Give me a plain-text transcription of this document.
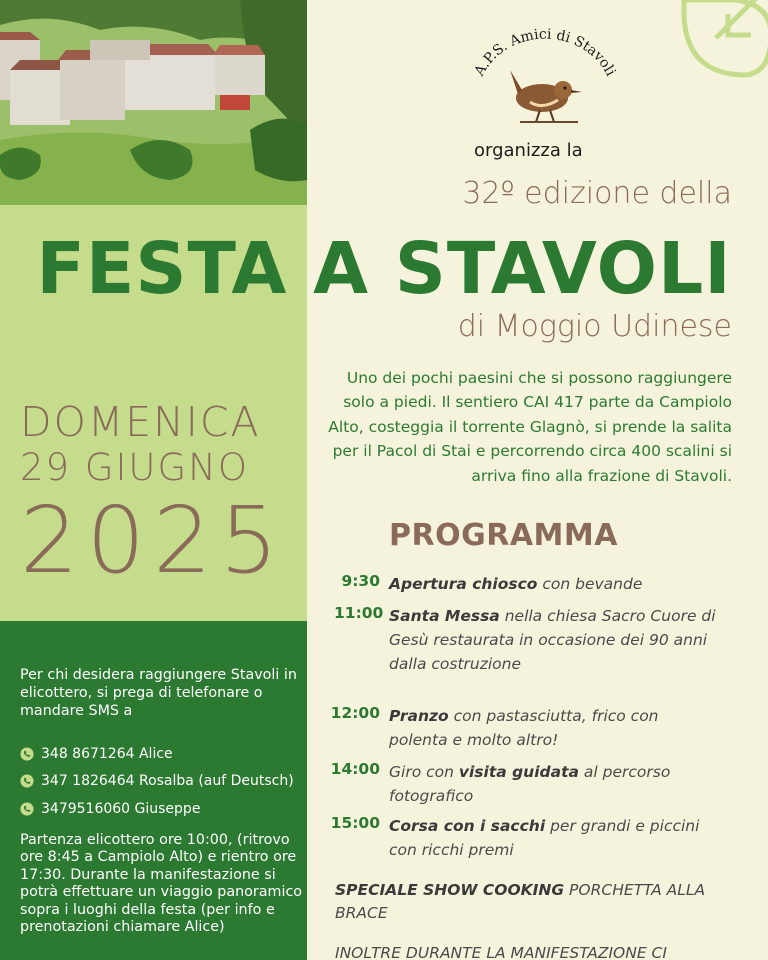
DOMENICA
29 GIUGNO
2025
Per chi desidera raggiungere Stavoli in elicottero, si prega di telefonare o mandare SMS a
348 8671264 Alice
347 1826464 Rosalba (auf Deutsch)
3479516060 Giuseppe
Partenza elicottero ore 10:00, (ritrovo ore 8:45 a Campiolo Alto) e rientro ore 17:30. Durante la manifestazione si potrà effettuare un viaggio panoramico sopra i luoghi della festa (per info e prenotazioni chiamare Alice)
A.P.S. Amici di Stavoli
organizza la
32º edizione della
FESTA A STAVOLI
di Moggio Udinese
Uno dei pochi paesini che si possono raggiungere solo a piedi. Il sentiero CAI 417 parte da Campiolo Alto, costeggia il torrente Glagnò, si prende la salita per il Pacol di Stai e percorrendo circa 400 scalini si arriva fino alla frazione di Stavoli.
PROGRAMMA
9:30 Apertura chiosco con bevande
11:00 Santa Messa nella chiesa Sacro Cuore di Gesù restaurata in occasione dei 90 anni dalla costruzione
12:00 Pranzo con pastasciutta, frico con polenta e molto altro!
14:00 Giro con visita guidata al percorso fotografico
15:00 Corsa con i sacchi per grandi e piccini con ricchi premi
SPECIALE SHOW COOKING PORCHETTA ALLA BRACE
INOLTRE DURANTE LA MANIFESTAZIONE CI
